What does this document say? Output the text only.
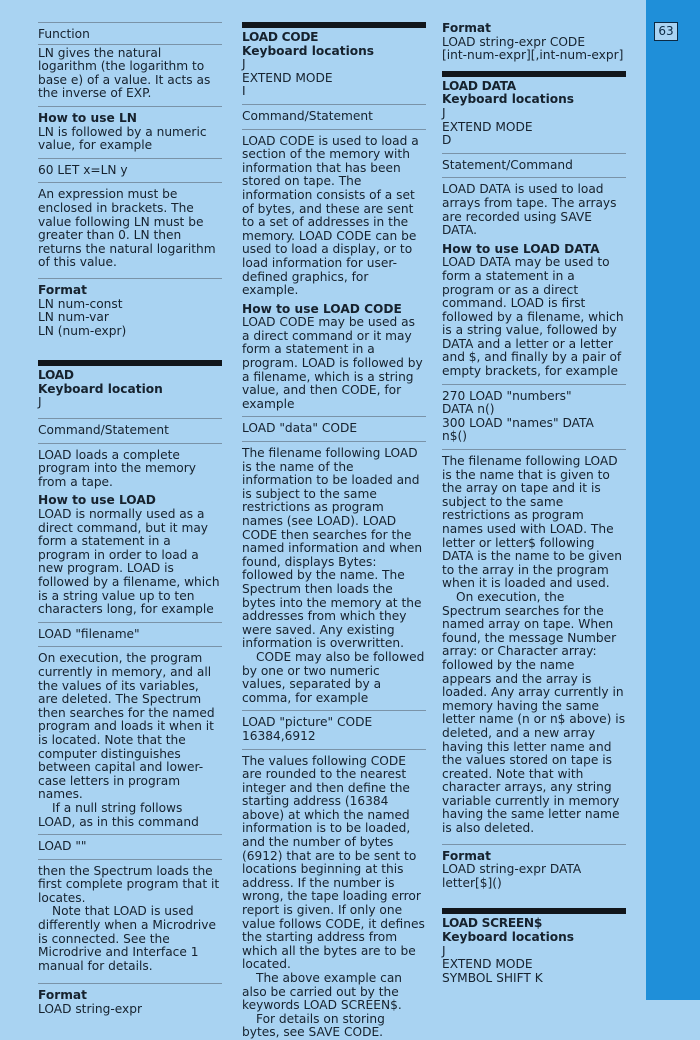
63

Function

LN gives the natural logarithm (the logarithm to base e) of a value. It acts as the inverse of EXP.

How to use LN

LN is followed by a numeric value, for example

60 LET x=LN y

An expression must be enclosed in brackets. The value following LN must be greater than 0. LN then returns the natural logarithm of this value.

Format

LN num-const

LN num-var

LN (num-expr)

LOAD

Keyboard location

J

Command/Statement

LOAD loads a complete program into the memory from a tape.

How to use LOAD

LOAD is normally used as a direct command, but it may form a statement in a program in order to load a new program. LOAD is followed by a filename, which is a string value up to ten characters long, for example

LOAD "filename"

On execution, the program currently in memory, and all the values of its variables, are deleted. The Spectrum then searches for the named program and loads it when it is located. Note that the computer distinguishes between capital and lower-case letters in program names.

If a null string follows LOAD, as in this command

LOAD ""

then the Spectrum loads the first complete program that it locates.

Note that LOAD is used differently when a Microdrive is connected. See the Microdrive and Interface 1 manual for details.

Format

LOAD string-expr

LOAD CODE

Keyboard locations

J

EXTEND MODE

I

Command/Statement

LOAD CODE is used to load a section of the memory with information that has been stored on tape. The information consists of a set of bytes, and these are sent to a set of addresses in the memory. LOAD CODE can be used to load a display, or to load information for user-defined graphics, for example.

How to use LOAD CODE

LOAD CODE may be used as a direct command or it may form a statement in a program. LOAD is followed by a filename, which is a string value, and then CODE, for example

LOAD "data" CODE

The filename following LOAD is the name of the information to be loaded and is subject to the same restrictions as program names (see LOAD). LOAD CODE then searches for the named information and when found, displays Bytes: followed by the name. The Spectrum then loads the bytes into the memory at the addresses from which they were saved. Any existing information is overwritten.

CODE may also be followed by one or two numeric values, separated by a comma, for example

LOAD "picture" CODE

16384,6912

The values following CODE are rounded to the nearest integer and then define the starting address (16384 above) at which the named information is to be loaded, and the number of bytes (6912) that are to be sent to locations beginning at this address. If the number is wrong, the tape loading error report is given. If only one value follows CODE, it defines the starting address from which all the bytes are to be located.

The above example can also be carried out by the keywords LOAD SCREEN$.

For details on storing bytes, see SAVE CODE.

Format

LOAD string-expr CODE

[int-num-expr][,int-num-expr]

LOAD DATA

Keyboard locations

J

EXTEND MODE

D

Statement/Command

LOAD DATA is used to load arrays from tape. The arrays are recorded using SAVE DATA.

How to use LOAD DATA

LOAD DATA may be used to form a statement in a program or as a direct command. LOAD is first followed by a filename, which is a string value, followed by DATA and a letter or a letter and $, and finally by a pair of empty brackets, for example

270 LOAD "numbers"

DATA n()

300 LOAD "names" DATA

n$()

The filename following LOAD is the name that is given to the array on tape and it is subject to the same restrictions as program names used with LOAD. The letter or letter$ following DATA is the name to be given to the array in the program when it is loaded and used.

On execution, the Spectrum searches for the named array on tape. When found, the message Number array: or Character array: followed by the name appears and the array is loaded. Any array currently in memory having the same letter name (n or n$ above) is deleted, and a new array having this letter name and the values stored on tape is created. Note that with character arrays, any string variable currently in memory having the same letter name is also deleted.

Format

LOAD string-expr DATA

letter[$]()

LOAD SCREEN$

Keyboard locations

J

EXTEND MODE

SYMBOL SHIFT K
